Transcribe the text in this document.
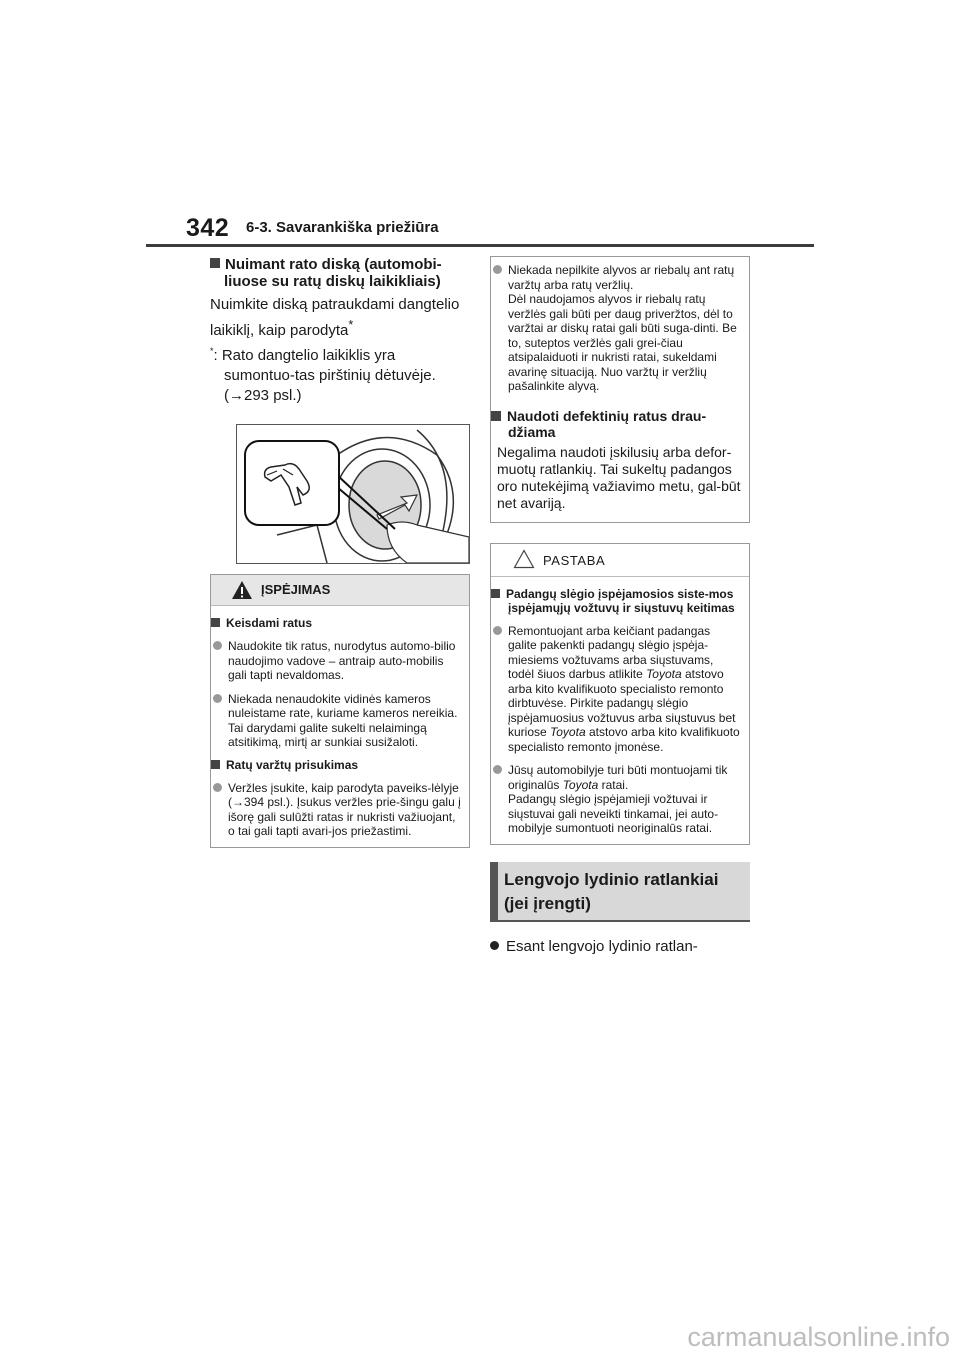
342 6-3. Savarankiška priežiūra
Nuimant rato diską (automobi-liuose su ratų diskų laikikliais)
Nuimkite diską patraukdami dangtelio laikiklį, kaip parodyta*
*: Rato dangtelio laikiklis yra sumontuo-tas pirštinių dėtuvėje. (→293 psl.)
ĮSPĖJIMAS
Keisdami ratus
Naudokite tik ratus, nurodytus automo-bilio naudojimo vadove – antraip auto-mobilis gali tapti nevaldomas.
Niekada nenaudokite vidinės kameros nuleistame rate, kuriame kameros nereikia.
Tai darydami galite sukelti nelaimingą atsitikimą, mirtį ar sunkiai susižaloti.
Ratų varžtų prisukimas
Veržles įsukite, kaip parodyta paveiks-lėlyje (→394 psl.). Įsukus veržles prie-šingu galu į išorę gali sulūžti ratas ir nukristi važiuojant, o tai gali tapti avari-jos priežastimi.
Niekada nepilkite alyvos ar riebalų ant ratų varžtų arba ratų veržlių.
Dėl naudojamos alyvos ir riebalų ratų veržlės gali būti per daug priveržtos, dėl to varžtai ar diskų ratai gali būti suga-dinti. Be to, suteptos veržlės gali grei-čiau atsipalaiduoti ir nukristi ratai, sukeldami avarinę situaciją. Nuo varžtų ir veržlių pašalinkite alyvą.
Naudoti defektinių ratus drau-džiama
Negalima naudoti įskilusių arba defor-muotų ratlankių. Tai sukeltų padangos oro nutekėjimą važiavimo metu, gal-būt net avariją.
PASTABA
Padangų slėgio įspėjamosios siste-mos įspėjamųjų vožtuvų ir siųstuvų keitimas
Remontuojant arba keičiant padangas galite pakenkti padangų slėgio įspėja-miesiems vožtuvams arba siųstuvams, todėl šiuos darbus atlikite Toyota atstovo arba kito kvalifikuoto specialisto remonto dirbtuvėse. Pirkite padangų slėgio įspėjamuosius vožtuvus arba siųstuvus bet kuriose Toyota atstovo arba kito kvalifikuoto specialisto remonto įmonėse.
Jūsų automobilyje turi būti montuojami tik originalūs Toyota ratai.
Padangų slėgio įspėjamieji vožtuvai ir siųstuvai gali neveikti tinkamai, jei auto-mobilyje sumontuoti neoriginalūs ratai.
Lengvojo lydinio ratlankiai
(jei įrengti)
Esant lengvojo lydinio ratlan-
carmanualsonline.info
